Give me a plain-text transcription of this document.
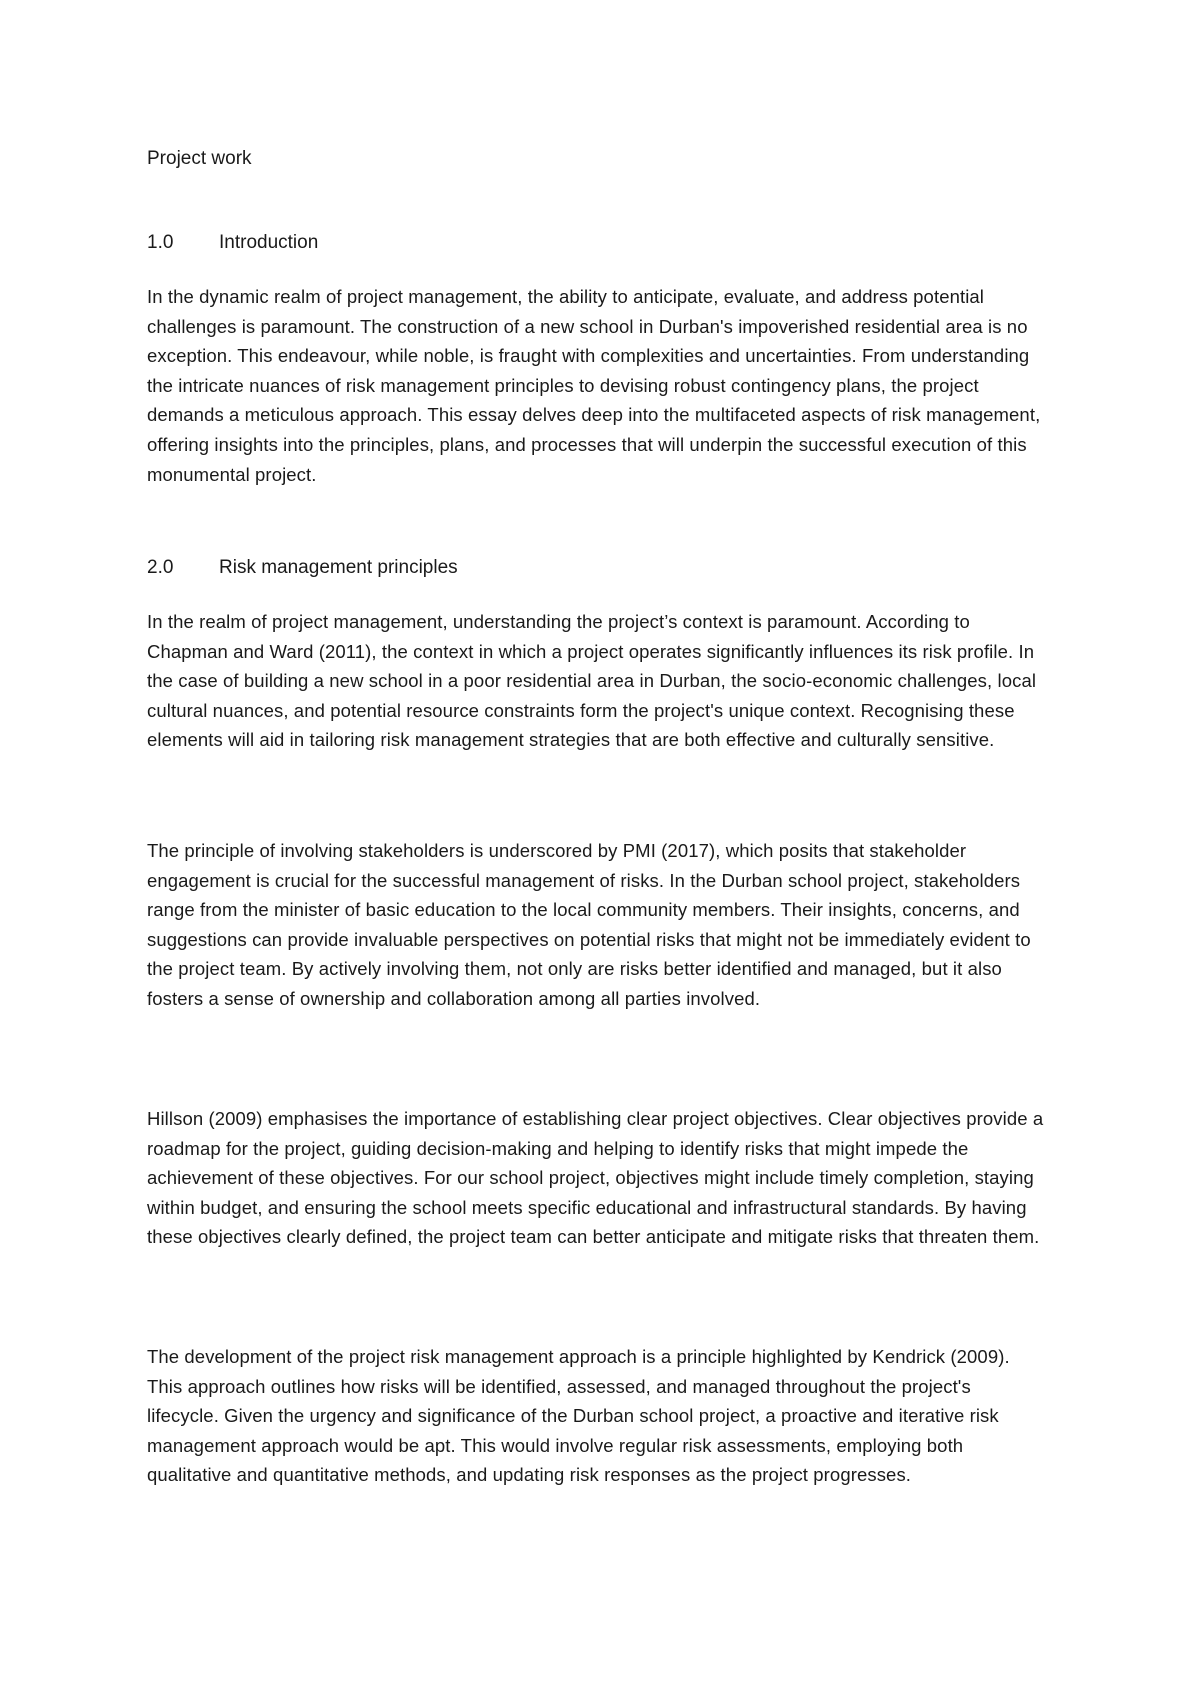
Project work
1.0	Introduction

In the dynamic realm of project management, the ability to anticipate, evaluate, and address potential challenges is paramount. The construction of a new school in Durban's impoverished residential area is no exception. This endeavour, while noble, is fraught with complexities and uncertainties. From understanding the intricate nuances of risk management principles to devising robust contingency plans, the project demands a meticulous approach. This essay delves deep into the multifaceted aspects of risk management, offering insights into the principles, plans, and processes that will underpin the successful execution of this monumental project.

2.0	Risk management principles

In the realm of project management, understanding the project’s context is paramount. According to Chapman and Ward (2011), the context in which a project operates significantly influences its risk profile. In the case of building a new school in a poor residential area in Durban, the socio-economic challenges, local cultural nuances, and potential resource constraints form the project's unique context. Recognising these elements will aid in tailoring risk management strategies that are both effective and culturally sensitive.

The principle of involving stakeholders is underscored by PMI (2017), which posits that stakeholder engagement is crucial for the successful management of risks. In the Durban school project, stakeholders range from the minister of basic education to the local community members. Their insights, concerns, and suggestions can provide invaluable perspectives on potential risks that might not be immediately evident to the project team. By actively involving them, not only are risks better identified and managed, but it also fosters a sense of ownership and collaboration among all parties involved.

Hillson (2009) emphasises the importance of establishing clear project objectives. Clear objectives provide a roadmap for the project, guiding decision-making and helping to identify risks that might impede the achievement of these objectives. For our school project, objectives might include timely completion, staying within budget, and ensuring the school meets specific educational and infrastructural standards. By having these objectives clearly defined, the project team can better anticipate and mitigate risks that threaten them.

The development of the project risk management approach is a principle highlighted by Kendrick (2009). This approach outlines how risks will be identified, assessed, and managed throughout the project's lifecycle. Given the urgency and significance of the Durban school project, a proactive and iterative risk management approach would be apt. This would involve regular risk assessments, employing both qualitative and quantitative methods, and updating risk responses as the project progresses.
